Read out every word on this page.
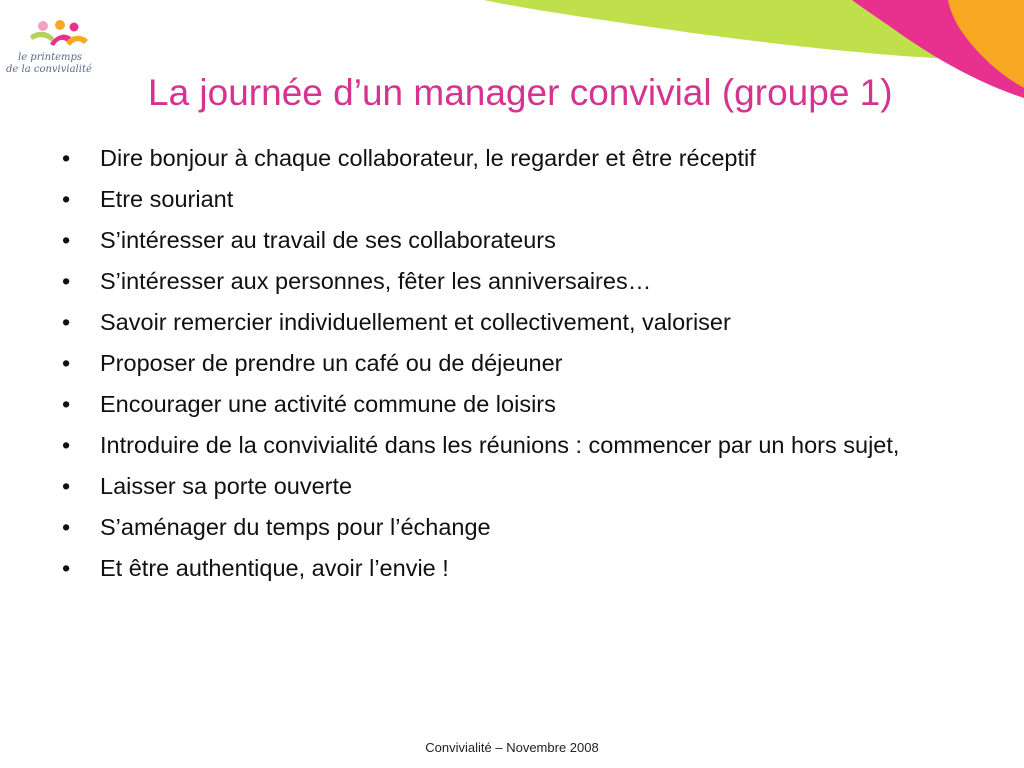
le printemps
de la convivialité
La journée d’un manager convivial (groupe 1)
•	Dire bonjour à chaque collaborateur, le regarder et être réceptif
•	Etre souriant
•	S’intéresser au travail de ses collaborateurs
•	S’intéresser aux personnes, fêter les anniversaires…
•	Savoir remercier individuellement et collectivement, valoriser
•	Proposer de prendre un café ou de déjeuner
•	Encourager une activité commune de loisirs
•	Introduire de la convivialité dans les réunions : commencer par un hors sujet,
•	Laisser sa porte ouverte
•	S’aménager du temps pour l’échange
•	Et être authentique, avoir l’envie !
Convivialité – Novembre 2008
